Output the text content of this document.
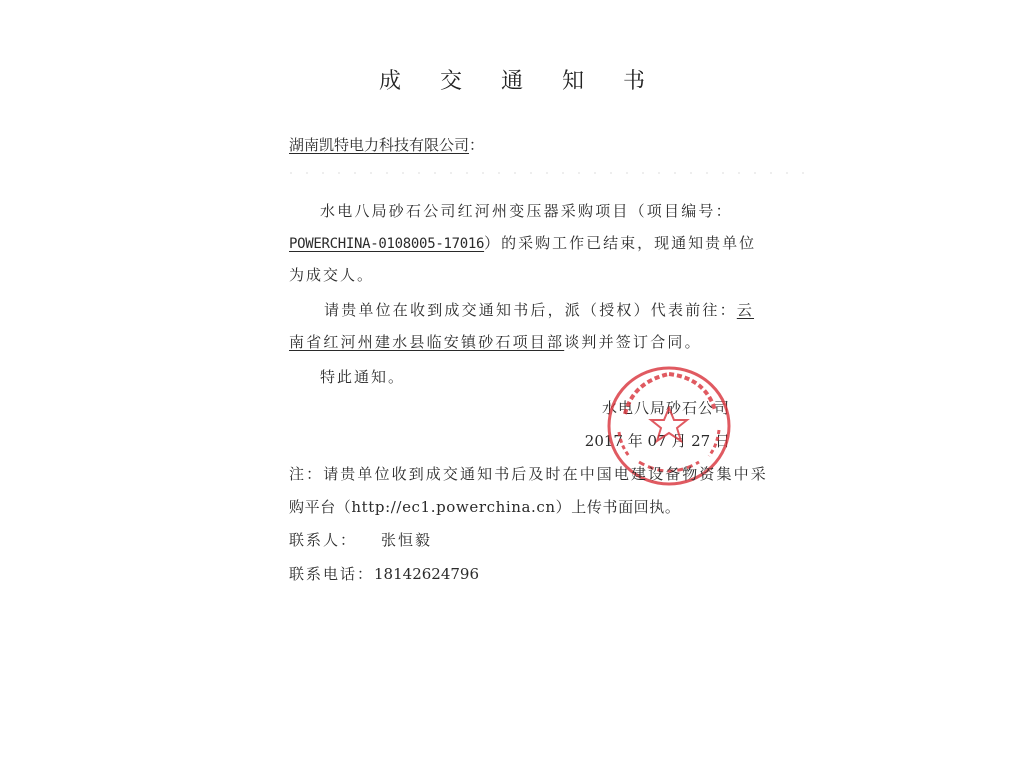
成 交 通 知 书
湖南凯特电力科技有限公司：
水电八局砂石公司红河州变压器采购项目（项目编号：
POWERCHINA-0108005-17016）的采购工作已结束，现通知贵单位
为成交人。
请贵单位在收到成交通知书后，派（授权）代表前往：云
南省红河州建水县临安镇砂石项目部谈判并签订合同。
特此通知。
水电八局砂石公司
2017 年 07 月 27 日
注：请贵单位收到成交通知书后及时在中国电建设备物资集中采
购平台（http://ec1.powerchina.cn）上传书面回执。
联系人： 张恒毅
联系电话：18142624796
